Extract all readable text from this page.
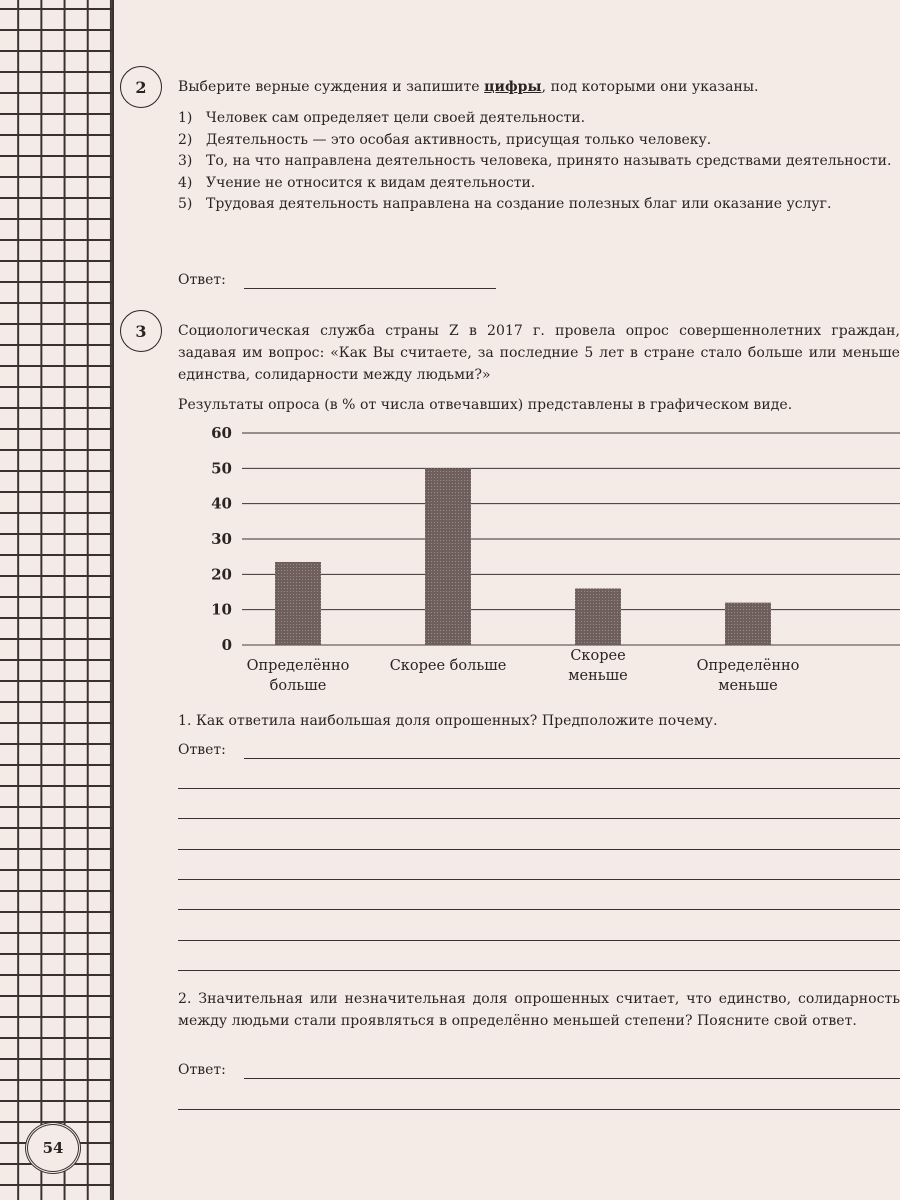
54
2 Выберите верные суждения и запишите цифры, под которыми они указаны.
1) Человек сам определяет цели своей деятельности.
2) Деятельность — это особая активность, присущая только человеку.
3) То, на что направлена деятельность человека, принято называть средствами деятельности.
4) Учение не относится к видам деятельности.
5) Трудовая деятельность направлена на создание полезных благ или оказание услуг.
Ответ:
3 Социологическая служба страны Z в 2017 г. провела опрос совершеннолетних граждан, задавая им вопрос: «Как Вы считаете, за последние 5 лет в стране стало больше или меньше единства, солидарности между людьми?»
Результаты опроса (в % от числа отвечавших) представлены в графическом виде.
0
10
20
30
40
50
60
Определённо
больше
Скорее больше
Скорее
меньше
Определённо
меньше
1. Как ответила наибольшая доля опрошенных? Предположите почему.
Ответ:
2. Значительная или незначительная доля опрошенных считает, что единство, солидарность между людьми стали проявляться в определённо меньшей степени? Поясните свой ответ.
Ответ:
